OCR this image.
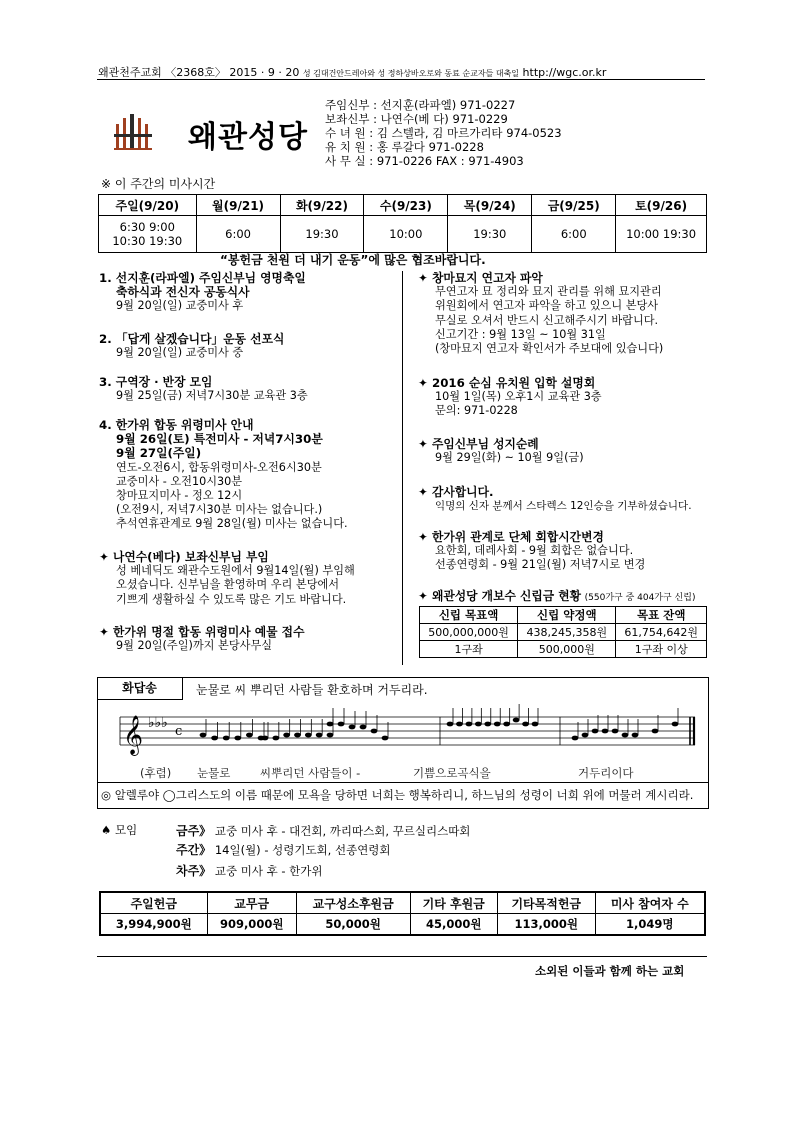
왜관천주교회 〈2368호〉 2015 · 9 · 20 성 김대건안드레아와 성 정하상바오로와 동료 순교자들 대축일 http://wgc.or.kr
왜관성당
주임신부 : 선지훈(라파엘) 971-0227
보좌신부 : 나연수(베 다) 971-0229
수 녀 원 : 김 스텔라, 김 마르가리타 974-0523
유 치 원 : 홍 루갈다 971-0228
사 무 실 : 971-0226 FAX : 971-4903
※ 이 주간의 미사시간
주일(9/20)	월(9/21)	화(9/22)	수(9/23)	목(9/24)	금(9/25)	토(9/26)

6:30 9:00
10:30 19:30	6:00	19:30	10:00	19:30	6:00	10:00 19:30
“봉헌금 천원 더 내기 운동”에 많은 협조바랍니다.
1. 선지훈(라파엘) 주임신부님 영명축일
축하식과 전신자 공동식사
9월 20일(일) 교중미사 후
2. 「답게 살겠습니다」운동 선포식
9월 20일(일) 교중미사 중
3. 구역장 · 반장 모임
9월 25일(금) 저녁7시30분 교육관 3층
4. 한가위 합동 위령미사 안내
9월 26일(토) 특전미사 - 저녁7시30분
9월 27일(주일)
연도-오전6시, 합동위령미사-오전6시30분
교중미사 - 오전10시30분
창마묘지미사 - 정오 12시
(오전9시, 저녁7시30분 미사는 없습니다.)
추석연휴관계로 9월 28일(월) 미사는 없습니다.
✦ 나연수(베다) 보좌신부님 부임
성 베네딕도 왜관수도원에서 9월14일(월) 부임해
오셨습니다. 신부님을 환영하며 우리 본당에서
기쁘게 생활하실 수 있도록 많은 기도 바랍니다.
✦ 한가위 명절 합동 위령미사 예물 접수
9월 20일(주일)까지 본당사무실
✦ 창마묘지 연고자 파악
무연고자 묘 정리와 묘지 관리를 위해 묘지관리
위원회에서 연고자 파악을 하고 있으니 본당사
무실로 오셔서 반드시 신고해주시기 바랍니다.
신고기간 : 9월 13일 ~ 10월 31일
(창마묘지 연고자 확인서가 주보대에 있습니다)
✦ 2016 순심 유치원 입학 설명회
10월 1일(목) 오후1시 교육관 3층
문의: 971-0228
✦ 주임신부님 성지순례
9월 29일(화) ~ 10월 9일(금)
✦ 감사합니다.
익명의 신자 분께서 스타렉스 12인승을 기부하셨습니다.
✦ 한가위 관계로 단체 회합시간변경
요한회, 데레사회 - 9월 회합은 없습니다.
선종연령회 - 9월 21일(월) 저녁7시로 변경
✦ 왜관성당 개보수 신립금 현황 (550가구 중 404가구 신립)
신립 목표액	신립 약정액	목표 잔액
500,000,000원	438,245,358원	61,754,642원
1구좌	500,000원	1구좌 이상
화답송	눈물로 씨 뿌리던 사람들 환호하며 거두리라.
𝄞 ♭♭♭
c
(후렴) 눈물로	씨뿌리던 사람들이 -	기쁨으로곡식을	거두리이다
◎ 알렐루야 ◯그리스도의 이름 때문에 모욕을 당하면 너희는 행복하리니, 하느님의 성령이 너희 위에 머물러 계시리라.
♠ 모임	금주》 교중 미사 후 - 대건회, 까리따스회, 꾸르실리스따회
주간》 14일(월) - 성령기도회, 선종연령회
차주》 교중 미사 후 - 한가위
주일헌금	교무금	교구성소후원금	기타 후원금	기타목적헌금	미사 참여자 수
3,994,900원	909,000원	50,000원	45,000원	113,000원	1,049명
소외된 이들과 함께 하는 교회
